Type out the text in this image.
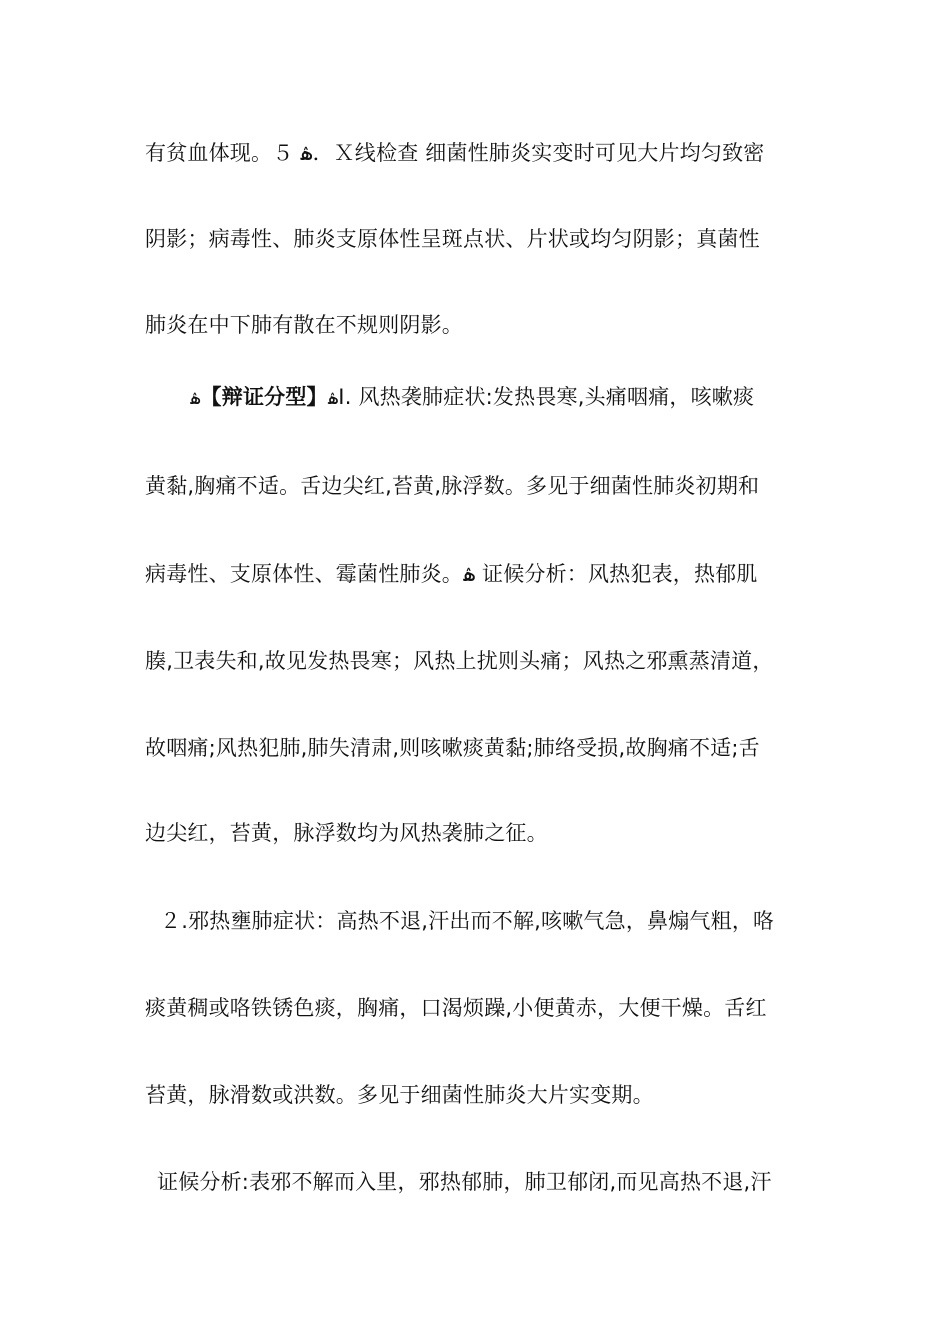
有贫血体现。５ ۿ．Ｘ线检查 细菌性肺炎实变时可见大片均匀致密
阴影；病毒性、肺炎支原体性呈斑点状、片状或均匀阴影；真菌性
肺炎在中下肺有散在不规则阴影。
ۿ【辩证分型】ۿⅠ. 风热袭肺症状:发热畏寒,头痛咽痛，咳嗽痰
黄黏,胸痛不适。舌边尖红,苔黄,脉浮数。多见于细菌性肺炎初期和
病毒性、支原体性、霉菌性肺炎。ۿ 证候分析：风热犯表，热郁肌
腠,卫表失和,故见发热畏寒；风热上扰则头痛；风热之邪熏蒸清道，
故咽痛;风热犯肺,肺失清肃,则咳嗽痰黄黏;肺络受损,故胸痛不适;舌
边尖红，苔黄，脉浮数均为风热袭肺之征。
２.邪热壅肺症状：高热不退,汗出而不解,咳嗽气急，鼻煽气粗，咯
痰黄稠或咯铁锈色痰，胸痛，口渴烦躁,小便黄赤，大便干燥。舌红
苔黄，脉滑数或洪数。多见于细菌性肺炎大片实变期。
证候分析:表邪不解而入里，邪热郁肺，肺卫郁闭,而见高热不退,汗
